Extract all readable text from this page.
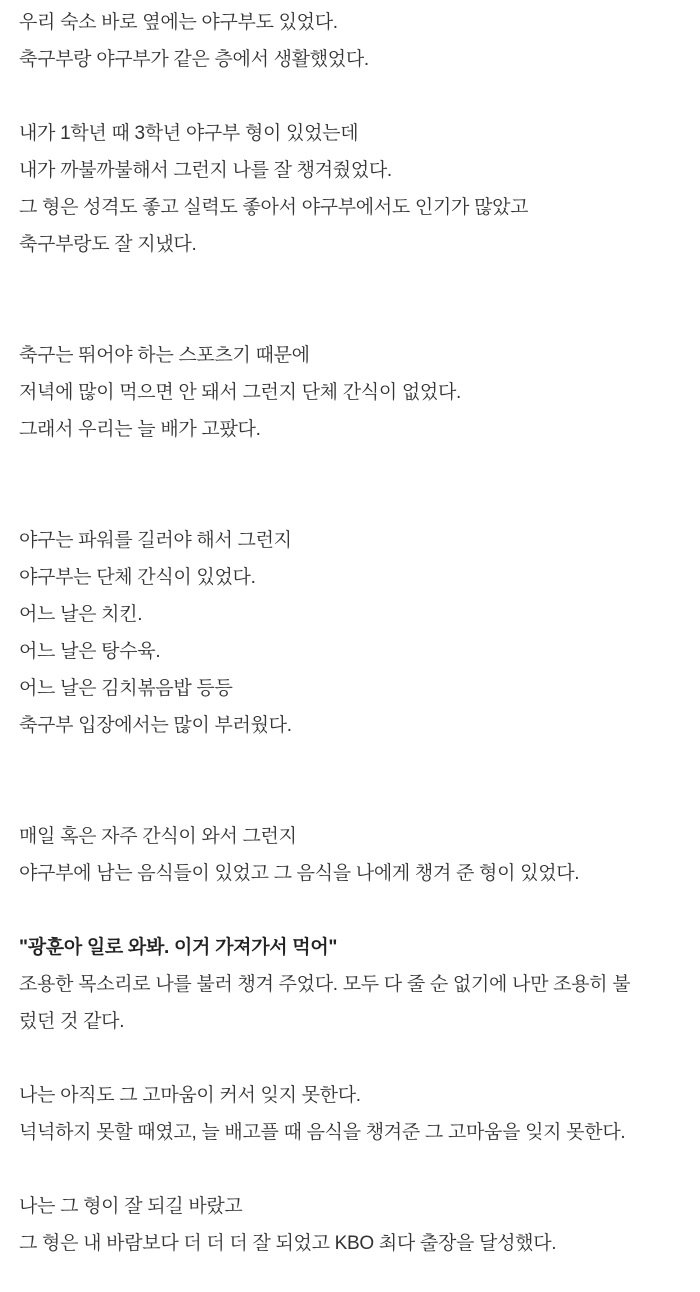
우리 숙소 바로 옆에는 야구부도 있었다.
축구부랑 야구부가 같은 층에서 생활했었다.
내가 1학년 때 3학년 야구부 형이 있었는데
내가 까불까불해서 그런지 나를 잘 챙겨줬었다.
그 형은 성격도 좋고 실력도 좋아서 야구부에서도 인기가 많았고
축구부랑도 잘 지냈다.
축구는 뛰어야 하는 스포츠기 때문에
저녁에 많이 먹으면 안 돼서 그런지 단체 간식이 없었다.
그래서 우리는 늘 배가 고팠다.
야구는 파워를 길러야 해서 그런지
야구부는 단체 간식이 있었다.
어느 날은 치킨.
어느 날은 탕수육.
어느 날은 김치볶음밥 등등
축구부 입장에서는 많이 부러웠다.
매일 혹은 자주 간식이 와서 그런지
야구부에 남는 음식들이 있었고 그 음식을 나에게 챙겨 준 형이 있었다.
"광훈아 일로 와봐. 이거 가져가서 먹어"
조용한 목소리로 나를 불러 챙겨 주었다. 모두 다 줄 순 없기에 나만 조용히 불
렀던 것 같다.
나는 아직도 그 고마움이 커서 잊지 못한다.
넉넉하지 못할 때였고, 늘 배고플 때 음식을 챙겨준 그 고마움을 잊지 못한다.
나는 그 형이 잘 되길 바랐고
그 형은 내 바람보다 더 더 더 잘 되었고 KBO 최다 출장을 달성했다.
